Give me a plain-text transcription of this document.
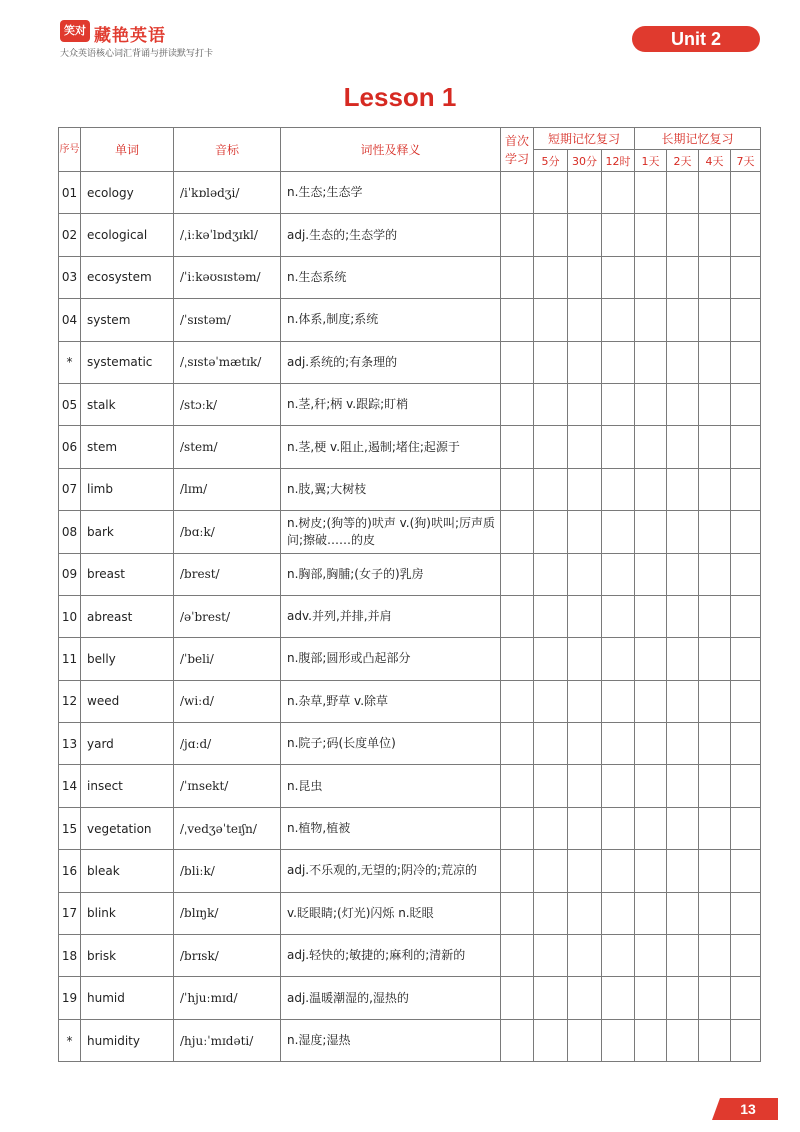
笑对 藏艳英语
大众英语核心词汇背诵与拼读默写打卡
Unit 2
Lesson 1
序号	单词	音标	词性及释义	首次学习	短期记忆复习			长期记忆复习			
					5分	30分	12时	1天	2天	4天	7天
01	ecology	/iˈkɒlədʒi/	n.生态;生态学								
02	ecological	/ˌiːkəˈlɒdʒɪkl/	adj.生态的;生态学的								
03	ecosystem	/ˈiːkəʊsɪstəm/	n.生态系统								
04	system	/ˈsɪstəm/	n.体系,制度;系统								
*	systematic	/ˌsɪstəˈmætɪk/	adj.系统的;有条理的								
05	stalk	/stɔːk/	n.茎,秆;柄 v.跟踪;盯梢								
06	stem	/stem/	n.茎,梗 v.阻止,遏制;堵住;起源于								
07	limb	/lɪm/	n.肢,翼;大树枝								
08	bark	/bɑːk/	n.树皮;(狗等的)吠声 v.(狗)吠叫;厉声质问;擦破……的皮								
09	breast	/brest/	n.胸部,胸脯;(女子的)乳房								
10	abreast	/əˈbrest/	adv.并列,并排,并肩								
11	belly	/ˈbeli/	n.腹部;圆形或凸起部分								
12	weed	/wiːd/	n.杂草,野草 v.除草								
13	yard	/jɑːd/	n.院子;码(长度单位)								
14	insect	/ˈɪnsekt/	n.昆虫								
15	vegetation	/ˌvedʒəˈteɪʃn/	n.植物,植被								
16	bleak	/bliːk/	adj.不乐观的,无望的;阴冷的;荒凉的								
17	blink	/blɪŋk/	v.眨眼睛;(灯光)闪烁 n.眨眼								
18	brisk	/brɪsk/	adj.轻快的;敏捷的;麻利的;清新的								
19	humid	/ˈhjuːmɪd/	adj.温暖潮湿的,湿热的								
*	humidity	/hjuːˈmɪdəti/	n.湿度;湿热								
13
